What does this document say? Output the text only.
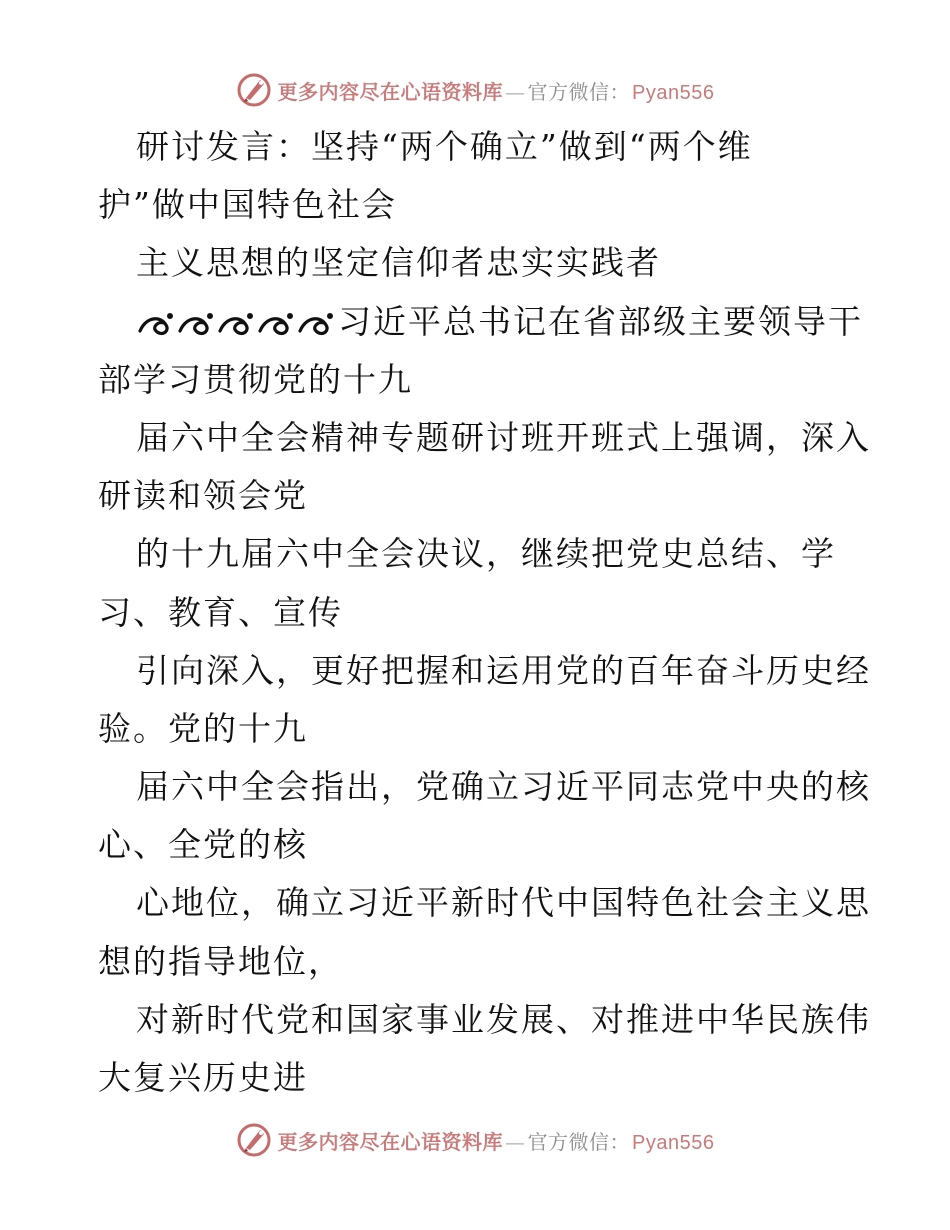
更多内容尽在心语资料库 — 官方微信： Pyan556
研讨发言：坚持“两个确立”做到“两个维
护”做中国特色社会
主义思想的坚定信仰者忠实实践者
习近平总书记在省部级主要领导干
部学习贯彻党的十九
届六中全会精神专题研讨班开班式上强调，深入
研读和领会党
的十九届六中全会决议，继续把党史总结、学
习、教育、宣传
引向深入，更好把握和运用党的百年奋斗历史经
验。党的十九
届六中全会指出，党确立习近平同志党中央的核
心、全党的核
心地位，确立习近平新时代中国特色社会主义思
想的指导地位，
对新时代党和国家事业发展、对推进中华民族伟
大复兴历史进
更多内容尽在心语资料库 — 官方微信： Pyan556
